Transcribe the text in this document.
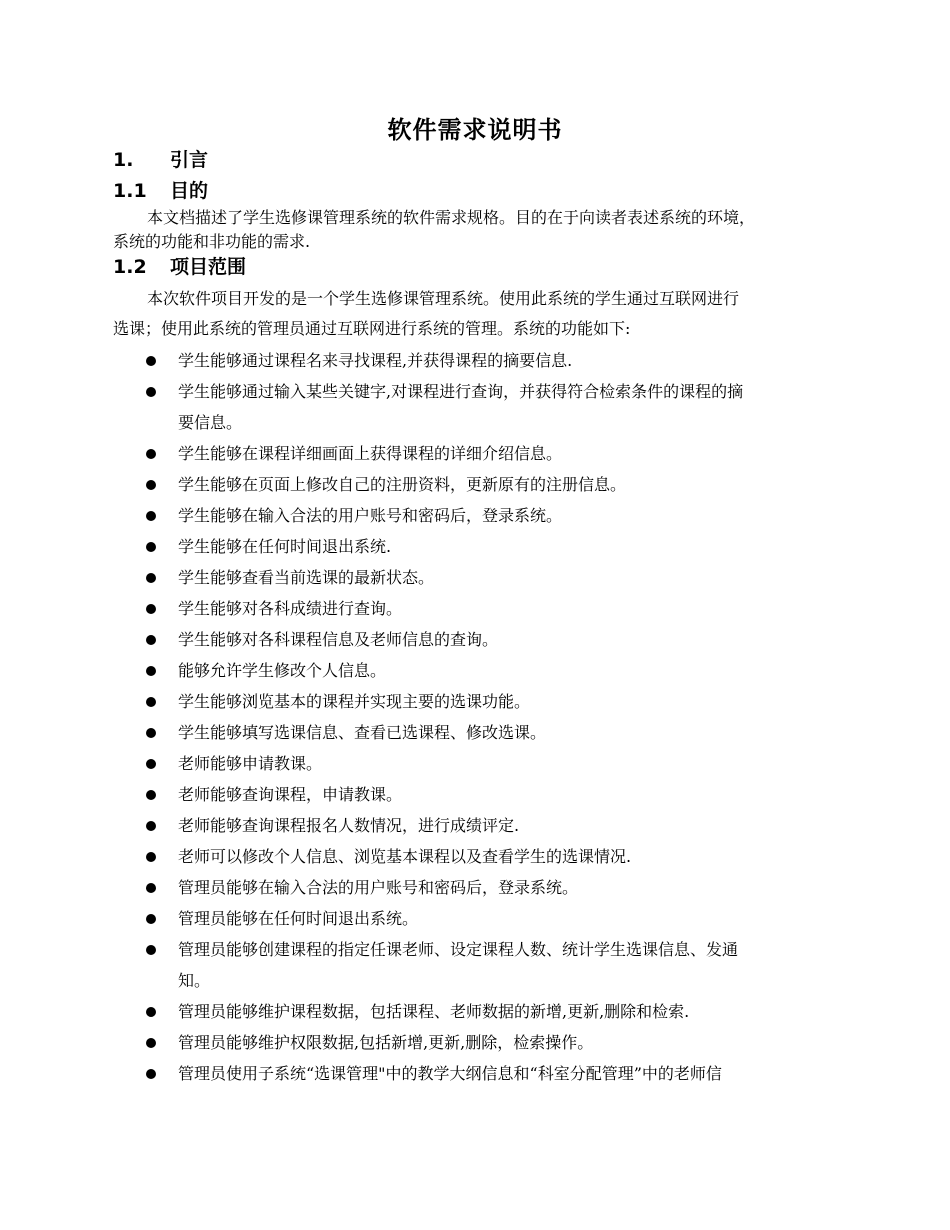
软件需求说明书
1. 引言
1.1 目的
本文档描述了学生选修课管理系统的软件需求规格。目的在于向读者表述系统的环境，
系统的功能和非功能的需求.
1.2 项目范围
本次软件项目开发的是一个学生选修课管理系统。使用此系统的学生通过互联网进行
选课；使用此系统的管理员通过互联网进行系统的管理。系统的功能如下:
学生能够通过课程名来寻找课程,并获得课程的摘要信息.
学生能够通过输入某些关键字,对课程进行查询，并获得符合检索条件的课程的摘
要信息。
学生能够在课程详细画面上获得课程的详细介绍信息。
学生能够在页面上修改自己的注册资料，更新原有的注册信息。
学生能够在输入合法的用户账号和密码后，登录系统。
学生能够在任何时间退出系统.
学生能够查看当前选课的最新状态。
学生能够对各科成绩进行查询。
学生能够对各科课程信息及老师信息的查询。
能够允许学生修改个人信息。
学生能够浏览基本的课程并实现主要的选课功能。
学生能够填写选课信息、查看已选课程、修改选课。
老师能够申请教课。
老师能够查询课程，申请教课。
老师能够查询课程报名人数情况，进行成绩评定.
老师可以修改个人信息、浏览基本课程以及查看学生的选课情况.
管理员能够在输入合法的用户账号和密码后，登录系统。
管理员能够在任何时间退出系统。
管理员能够创建课程的指定任课老师、设定课程人数、统计学生选课信息、发通
知。
管理员能够维护课程数据，包括课程、老师数据的新增,更新,删除和检索.
管理员能够维护权限数据,包括新增,更新,删除，检索操作。
管理员使用子系统“选课管理"中的教学大纲信息和“科室分配管理”中的老师信
